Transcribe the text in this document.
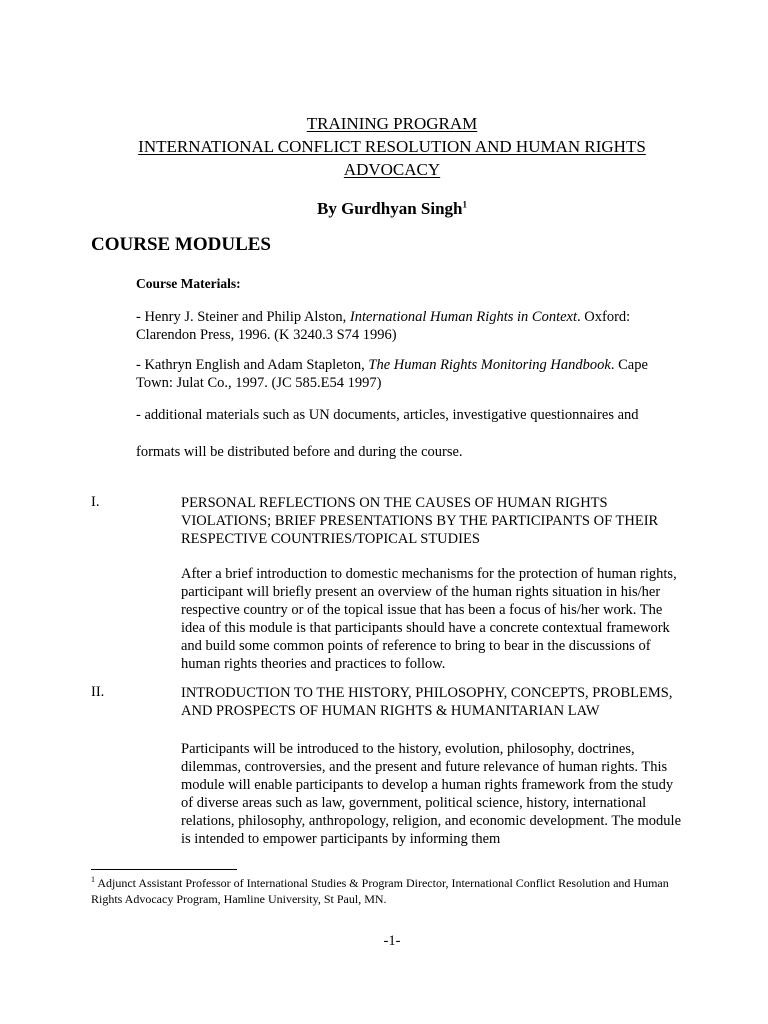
TRAINING PROGRAM
INTERNATIONAL CONFLICT RESOLUTION AND HUMAN RIGHTS
ADVOCACY
By Gurdhyan Singh$^1$
COURSE MODULES
Course Materials:
- Henry J. Steiner and Philip Alston, International Human Rights in Context. Oxford: Clarendon Press, 1996. (K 3240.3 S74 1996)
- Kathryn English and Adam Stapleton, The Human Rights Monitoring Handbook. Cape Town: Julat Co., 1997. (JC 585.E54 1997)
- additional materials such as UN documents, articles, investigative questionnaires and
formats will be distributed before and during the course.
I.	PERSONAL REFLECTIONS ON THE CAUSES OF HUMAN RIGHTS VIOLATIONS; BRIEF PRESENTATIONS BY THE PARTICIPANTS OF THEIR RESPECTIVE COUNTRIES/TOPICAL STUDIES
After a brief introduction to domestic mechanisms for the protection of human rights, participant will briefly present an overview of the human rights situation in his/her respective country or of the topical issue that has been a focus of his/her work. The idea of this module is that participants should have a concrete contextual framework and build some common points of reference to bring to bear in the discussions of human rights theories and practices to follow.
II.	INTRODUCTION TO THE HISTORY, PHILOSOPHY, CONCEPTS, PROBLEMS, AND PROSPECTS OF HUMAN RIGHTS & HUMANITARIAN LAW
Participants will be introduced to the history, evolution, philosophy, doctrines, dilemmas, controversies, and the present and future relevance of human rights. This module will enable participants to develop a human rights framework from the study of diverse areas such as law, government, political science, history, international relations, philosophy, anthropology, religion, and economic development. The module is intended to empower participants by informing them
$^1$ Adjunct Assistant Professor of International Studies & Program Director, International Conflict Resolution and Human Rights Advocacy Program, Hamline University, St Paul, MN.
-1-
